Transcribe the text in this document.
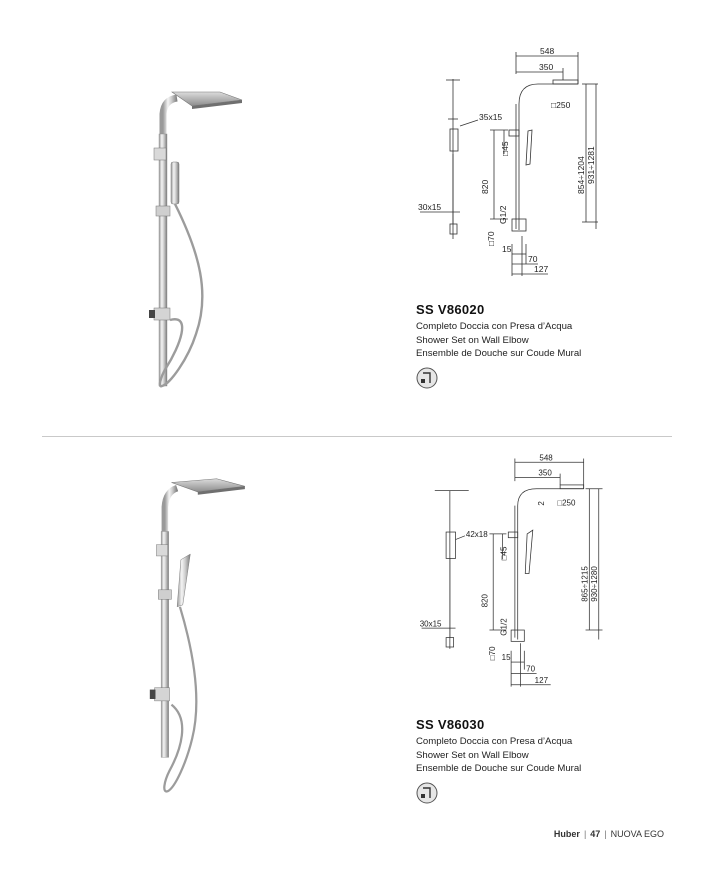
548
350
□250
35x15
30x15
820
G1/2
□45
□70
15
70
127
854÷1204 931÷1281
SS V86020
Completo Doccia con Presa d’Acqua
Shower Set on Wall Elbow
Ensemble de Douche sur Coude Mural
548
350
□250
2
42x18
30x15
820
G1/2
□45
□70 15
70
127
865÷1215 930÷1280
SS V86030
Completo Doccia con Presa d’Acqua
Shower Set on Wall Elbow
Ensemble de Douche sur Coude Mural
Huber | 47 | NUOVA EGO
